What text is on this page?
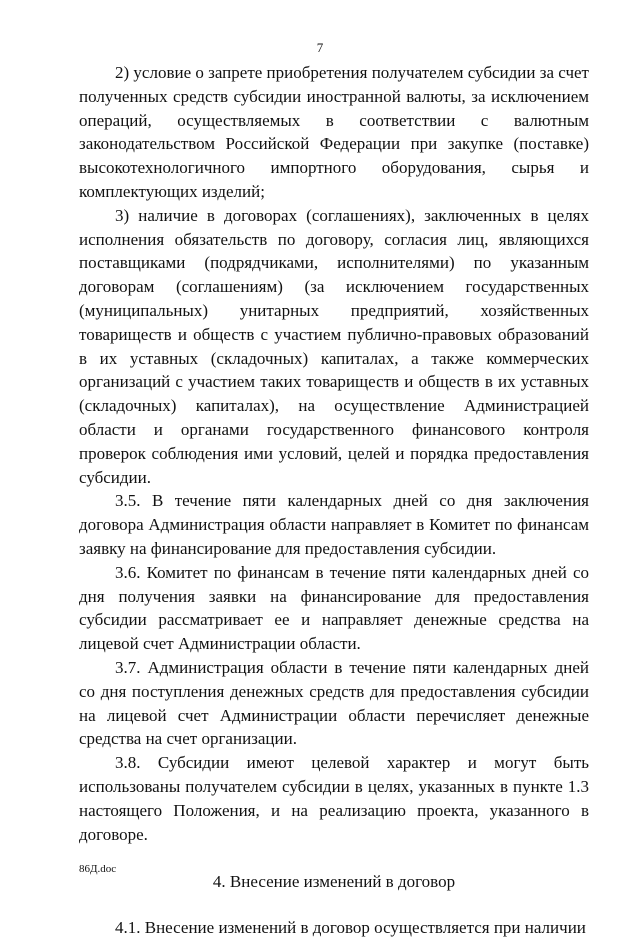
7

2) условие о запрете приобретения получателем субсидии за счет полученных средств субсидии иностранной валюты, за исключением операций, осуществляемых в соответствии с валютным законодательством Российской Федерации при закупке (поставке) высокотехнологичного импортного оборудования, сырья и комплектующих изделий;

3) наличие в договорах (соглашениях), заключенных в целях исполнения обязательств по договору, согласия лиц, являющихся поставщиками (подрядчиками, исполнителями) по указанным договорам (соглашениям) (за исключением государственных (муниципальных) унитарных предприятий, хозяйственных товариществ и обществ с участием публично-правовых образований в их уставных (складочных) капиталах, а также коммерческих организаций с участием таких товариществ и обществ в их уставных (складочных) капиталах), на осуществление Администрацией области и органами государственного финансового контроля проверок соблюдения ими условий, целей и порядка предоставления субсидии.

3.5. В течение пяти календарных дней со дня заключения договора Администрация области направляет в Комитет по финансам заявку на финансирование для предоставления субсидии.

3.6. Комитет по финансам в течение пяти календарных дней со дня получения заявки на финансирование для предоставления субсидии рассматривает ее и направляет денежные средства на лицевой счет Администрации области.

3.7. Администрация области в течение пяти календарных дней со дня поступления денежных средств для предоставления субсидии на лицевой счет Администрации области перечисляет денежные средства на счет организации.

3.8. Субсидии имеют целевой характер и могут быть использованы получателем субсидии в целях, указанных в пункте 1.3 настоящего Положения, и на реализацию проекта, указанного в договоре.

4. Внесение изменений в договор

4.1. Внесение изменений в договор осуществляется при наличии

86Д.doc
